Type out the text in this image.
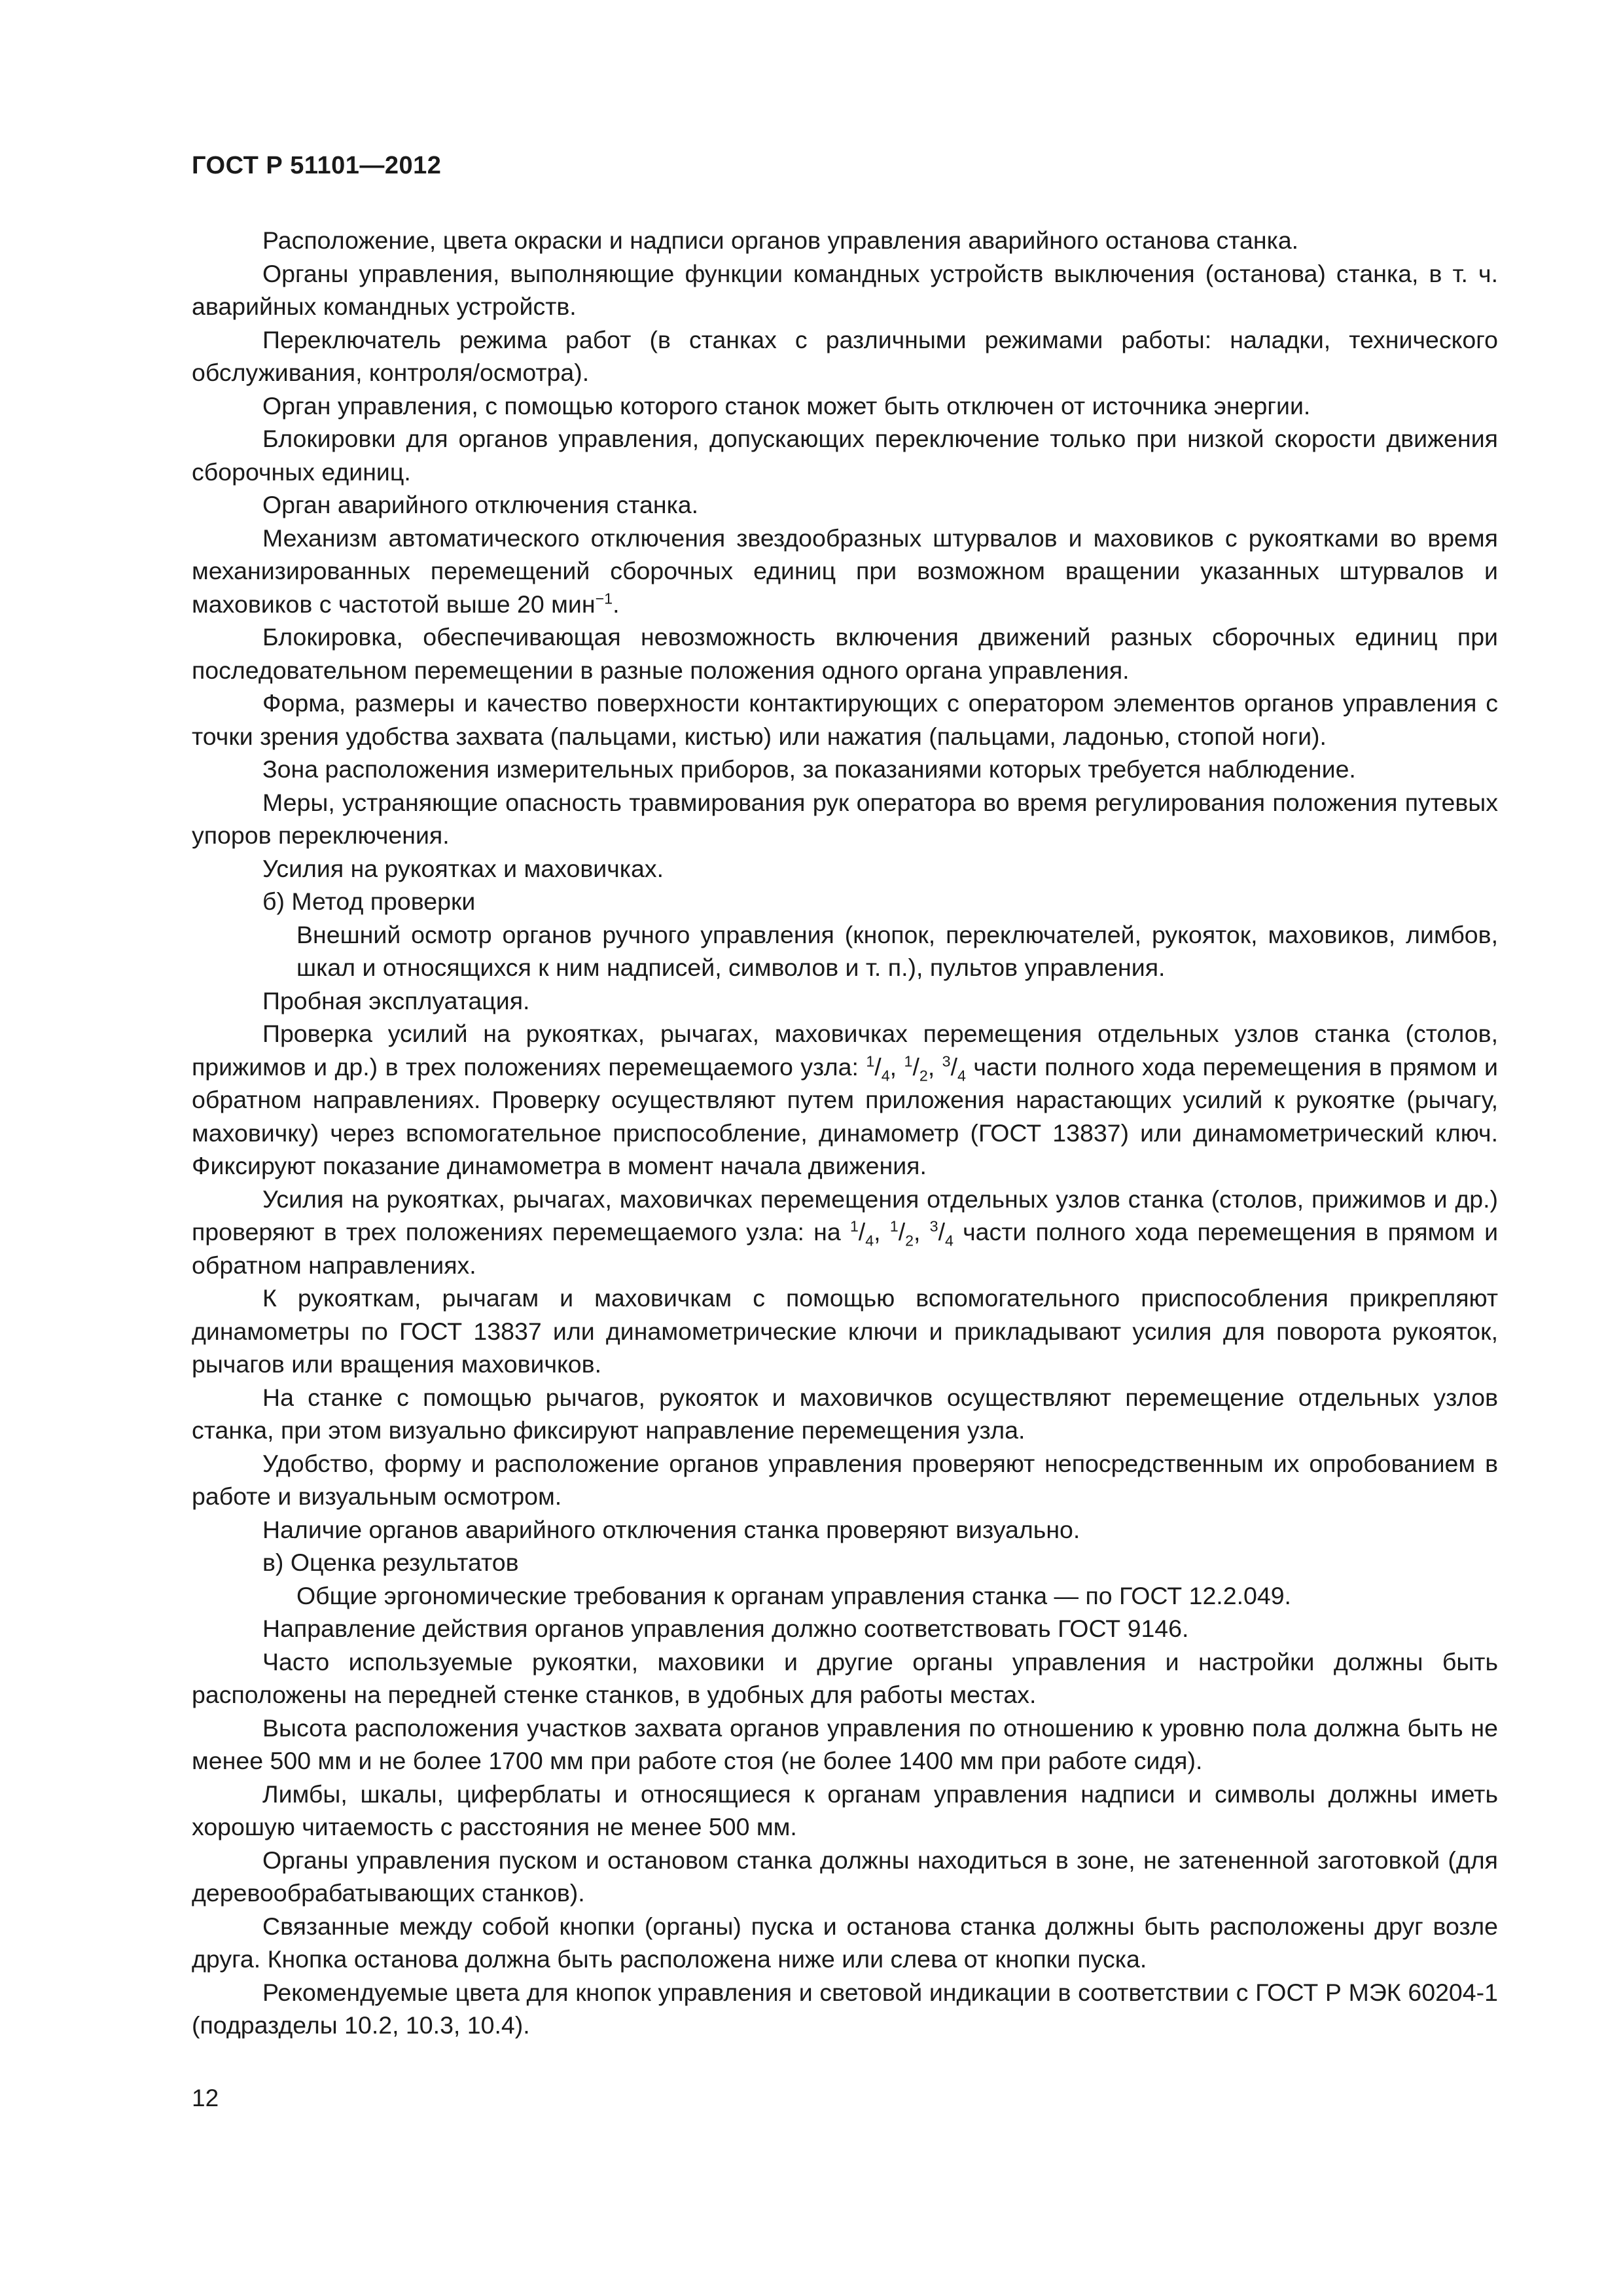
ГОСТ Р 51101—2012

Расположение, цвета окраски и надписи органов управления аварийного останова станка.

Органы управления, выполняющие функции командных устройств выключения (останова) станка, в т. ч. аварийных командных устройств.

Переключатель режима работ (в станках с различными режимами работы: наладки, технического обслуживания, контроля/осмотра).

Орган управления, с помощью которого станок может быть отключен от источника энергии.

Блокировки для органов управления, допускающих переключение только при низкой скорости движения сборочных единиц.

Орган аварийного отключения станка.

Механизм автоматического отключения звездообразных штурвалов и маховиков с рукоятками во время механизированных перемещений сборочных единиц при возможном вращении указанных штурвалов и маховиков с частотой выше 20 мин$^{-1}$.

Блокировка, обеспечивающая невозможность включения движений разных сборочных единиц при последовательном перемещении в разные положения одного органа управления.

Форма, размеры и качество поверхности контактирующих с оператором элементов органов управления с точки зрения удобства захвата (пальцами, кистью) или нажатия (пальцами, ладонью, стопой ноги).

Зона расположения измерительных приборов, за показаниями которых требуется наблюдение.

Меры, устраняющие опасность травмирования рук оператора во время регулирования положения путевых упоров переключения.

Усилия на рукоятках и маховичках.

б) Метод проверки

Внешний осмотр органов ручного управления (кнопок, переключателей, рукояток, маховиков, лимбов, шкал и относящихся к ним надписей, символов и т. п.), пультов управления.

Пробная эксплуатация.

Проверка усилий на рукоятках, рычагах, маховичках перемещения отдельных узлов станка (столов, прижимов и др.) в трех положениях перемещаемого узла: $^1/_4$, $^1/_2$, $^3/_4$ части полного хода перемещения в прямом и обратном направлениях. Проверку осуществляют путем приложения нарастающих усилий к рукоятке (рычагу, маховичку) через вспомогательное приспособление, динамометр (ГОСТ 13837) или динамометрический ключ. Фиксируют показание динамометра в момент начала движения.

Усилия на рукоятках, рычагах, маховичках перемещения отдельных узлов станка (столов, прижимов и др.) проверяют в трех положениях перемещаемого узла: на $^1/_4$, $^1/_2$, $^3/_4$ части полного хода перемещения в прямом и обратном направлениях.

К рукояткам, рычагам и маховичкам с помощью вспомогательного приспособления прикрепляют динамометры по ГОСТ 13837 или динамометрические ключи и прикладывают усилия для поворота рукояток, рычагов или вращения маховичков.

На станке с помощью рычагов, рукояток и маховичков осуществляют перемещение отдельных узлов станка, при этом визуально фиксируют направление перемещения узла.

Удобство, форму и расположение органов управления проверяют непосредственным их опробованием в работе и визуальным осмотром.

Наличие органов аварийного отключения станка проверяют визуально.

в) Оценка результатов

Общие эргономические требования к органам управления станка — по ГОСТ 12.2.049.

Направление действия органов управления должно соответствовать ГОСТ 9146.

Часто используемые рукоятки, маховики и другие органы управления и настройки должны быть расположены на передней стенке станков, в удобных для работы местах.

Высота расположения участков захвата органов управления по отношению к уровню пола должна быть не менее 500 мм и не более 1700 мм при работе стоя (не более 1400 мм при работе сидя).

Лимбы, шкалы, циферблаты и относящиеся к органам управления надписи и символы должны иметь хорошую читаемость с расстояния не менее 500 мм.

Органы управления пуском и остановом станка должны находиться в зоне, не затененной заготовкой (для деревообрабатывающих станков).

Связанные между собой кнопки (органы) пуска и останова станка должны быть расположены друг возле друга. Кнопка останова должна быть расположена ниже или слева от кнопки пуска.

Рекомендуемые цвета для кнопок управления и световой индикации в соответствии с ГОСТ Р МЭК 60204-1 (подразделы 10.2, 10.3, 10.4).

12
